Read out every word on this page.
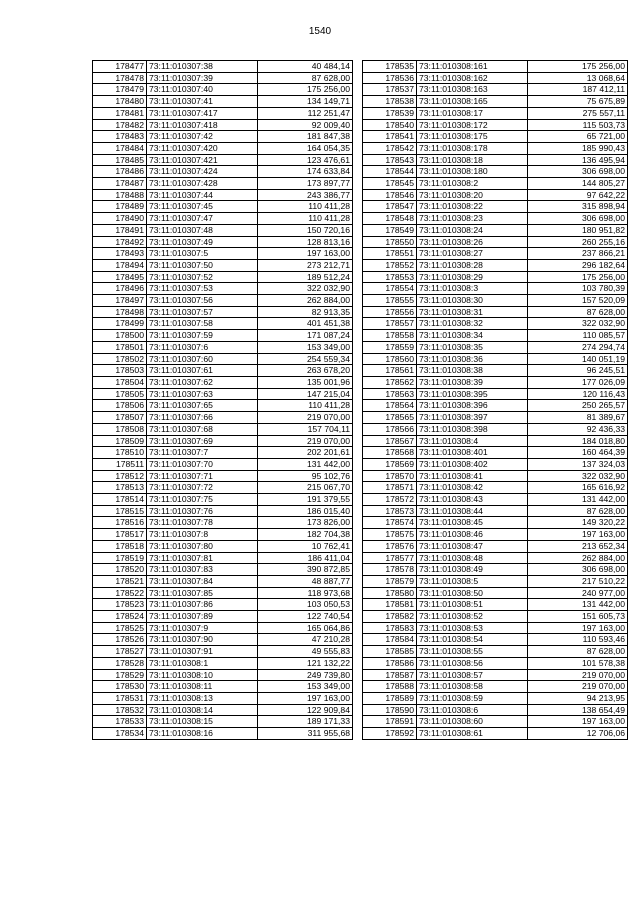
1540
178477	73:11:010307:38	40 484,14
178478	73:11:010307:39	87 628,00
178479	73:11:010307:40	175 256,00
178480	73:11:010307:41	134 149,71
178481	73:11:010307:417	112 251,47
178482	73:11:010307:418	92 009,40
178483	73:11:010307:42	181 847,38
178484	73:11:010307:420	164 054,35
178485	73:11:010307:421	123 476,61
178486	73:11:010307:424	174 633,84
178487	73:11:010307:428	173 897,77
178488	73:11:010307:44	243 386,77
178489	73:11:010307:45	110 411,28
178490	73:11:010307:47	110 411,28
178491	73:11:010307:48	150 720,16
178492	73:11:010307:49	128 813,16
178493	73:11:010307:5	197 163,00
178494	73:11:010307:50	273 212,71
178495	73:11:010307:52	189 512,24
178496	73:11:010307:53	322 032,90
178497	73:11:010307:56	262 884,00
178498	73:11:010307:57	82 913,35
178499	73:11:010307:58	401 451,38
178500	73:11:010307:59	171 087,24
178501	73:11:010307:6	153 349,00
178502	73:11:010307:60	254 559,34
178503	73:11:010307:61	263 678,20
178504	73:11:010307:62	135 001,96
178505	73:11:010307:63	147 215,04
178506	73:11:010307:65	110 411,28
178507	73:11:010307:66	219 070,00
178508	73:11:010307:68	157 704,11
178509	73:11:010307:69	219 070,00
178510	73:11:010307:7	202 201,61
178511	73:11:010307:70	131 442,00
178512	73:11:010307:71	95 102,76
178513	73:11:010307:72	215 067,70
178514	73:11:010307:75	191 379,55
178515	73:11:010307:76	186 015,40
178516	73:11:010307:78	173 826,00
178517	73:11:010307:8	182 704,38
178518	73:11:010307:80	10 762,41
178519	73:11:010307:81	186 411,04
178520	73:11:010307:83	390 872,85
178521	73:11:010307:84	48 887,77
178522	73:11:010307:85	118 973,68
178523	73:11:010307:86	103 050,53
178524	73:11:010307:89	122 740,54
178525	73:11:010307:9	165 064,86
178526	73:11:010307:90	47 210,28
178527	73:11:010307:91	49 555,83
178528	73:11:010308:1	121 132,22
178529	73:11:010308:10	249 739,80
178530	73:11:010308:11	153 349,00
178531	73:11:010308:13	197 163,00
178532	73:11:010308:14	122 909,84
178533	73:11:010308:15	189 171,33
178534	73:11:010308:16	311 955,68
178535	73:11:010308:161	175 256,00
178536	73:11:010308:162	13 068,64
178537	73:11:010308:163	187 412,11
178538	73:11:010308:165	75 675,89
178539	73:11:010308:17	275 557,11
178540	73:11:010308:172	115 503,73
178541	73:11:010308:175	65 721,00
178542	73:11:010308:178	185 990,43
178543	73:11:010308:18	136 495,94
178544	73:11:010308:180	306 698,00
178545	73:11:010308:2	144 805,27
178546	73:11:010308:20	97 642,22
178547	73:11:010308:22	315 898,94
178548	73:11:010308:23	306 698,00
178549	73:11:010308:24	180 951,82
178550	73:11:010308:26	260 255,16
178551	73:11:010308:27	237 866,21
178552	73:11:010308:28	296 182,64
178553	73:11:010308:29	175 256,00
178554	73:11:010308:3	103 780,39
178555	73:11:010308:30	157 520,09
178556	73:11:010308:31	87 628,00
178557	73:11:010308:32	322 032,90
178558	73:11:010308:34	110 085,57
178559	73:11:010308:35	274 294,74
178560	73:11:010308:36	140 051,19
178561	73:11:010308:38	96 245,51
178562	73:11:010308:39	177 026,09
178563	73:11:010308:395	120 116,43
178564	73:11:010308:396	250 265,57
178565	73:11:010308:397	81 389,67
178566	73:11:010308:398	92 436,33
178567	73:11:010308:4	184 018,80
178568	73:11:010308:401	160 464,39
178569	73:11:010308:402	137 324,03
178570	73:11:010308:41	322 032,90
178571	73:11:010308:42	165 616,92
178572	73:11:010308:43	131 442,00
178573	73:11:010308:44	87 628,00
178574	73:11:010308:45	149 320,22
178575	73:11:010308:46	197 163,00
178576	73:11:010308:47	213 652,34
178577	73:11:010308:48	262 884,00
178578	73:11:010308:49	306 698,00
178579	73:11:010308:5	217 510,22
178580	73:11:010308:50	240 977,00
178581	73:11:010308:51	131 442,00
178582	73:11:010308:52	151 605,73
178583	73:11:010308:53	197 163,00
178584	73:11:010308:54	110 593,46
178585	73:11:010308:55	87 628,00
178586	73:11:010308:56	101 578,38
178587	73:11:010308:57	219 070,00
178588	73:11:010308:58	219 070,00
178589	73:11:010308:59	94 213,95
178590	73:11:010308:6	138 654,49
178591	73:11:010308:60	197 163,00
178592	73:11:010308:61	12 706,06
